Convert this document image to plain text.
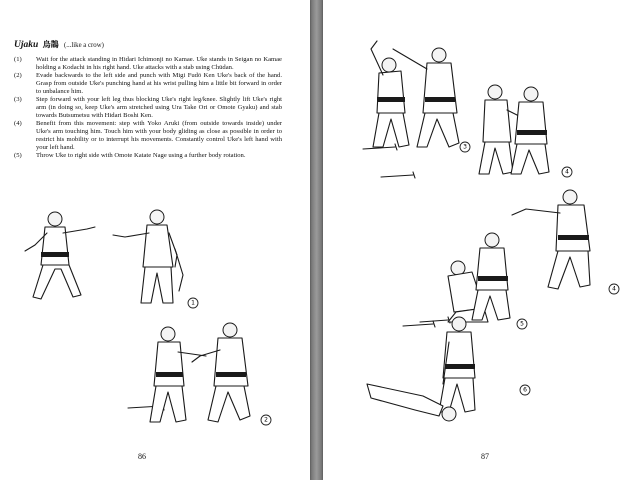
Ujaku 烏鵲 (...like a crow)
(1)	Wait for the attack standing in Hidari Ichimonji no Kamae. Uke stands in Seigan no Kamae holding a Kodachi in his right hand. Uke attacks with a stab using Chūdan.
(2)	Evade backwards to the left side and punch with Migi Fudō Ken Uke's back of the hand. Grasp from outside Uke's punching hand at his wrist pulling him a little bit forward in order to unbalance him.
(3)	Step forward with your left leg thus blocking Uke's right leg/knee. Slightly lift Uke's right arm (in doing so, keep Uke's arm stretched using Ura Take Ori or Omote Gyaku) and stab towards Butsumetsu with Hidari Boshi Ken.
(4)	Benefit from this movement: step with Yoko Aruki (from outside towards inside) under Uke's arm touching him. Touch him with your body gliding as close as possible in order to restrict his mobility or to interrupt his movements. Constantly control Uke's left hand with your left hand.
(5)	Throw Uke to right side with Omote Katate Nage using a further body rotation.
1
2
86
3
4
4
5
6
87
